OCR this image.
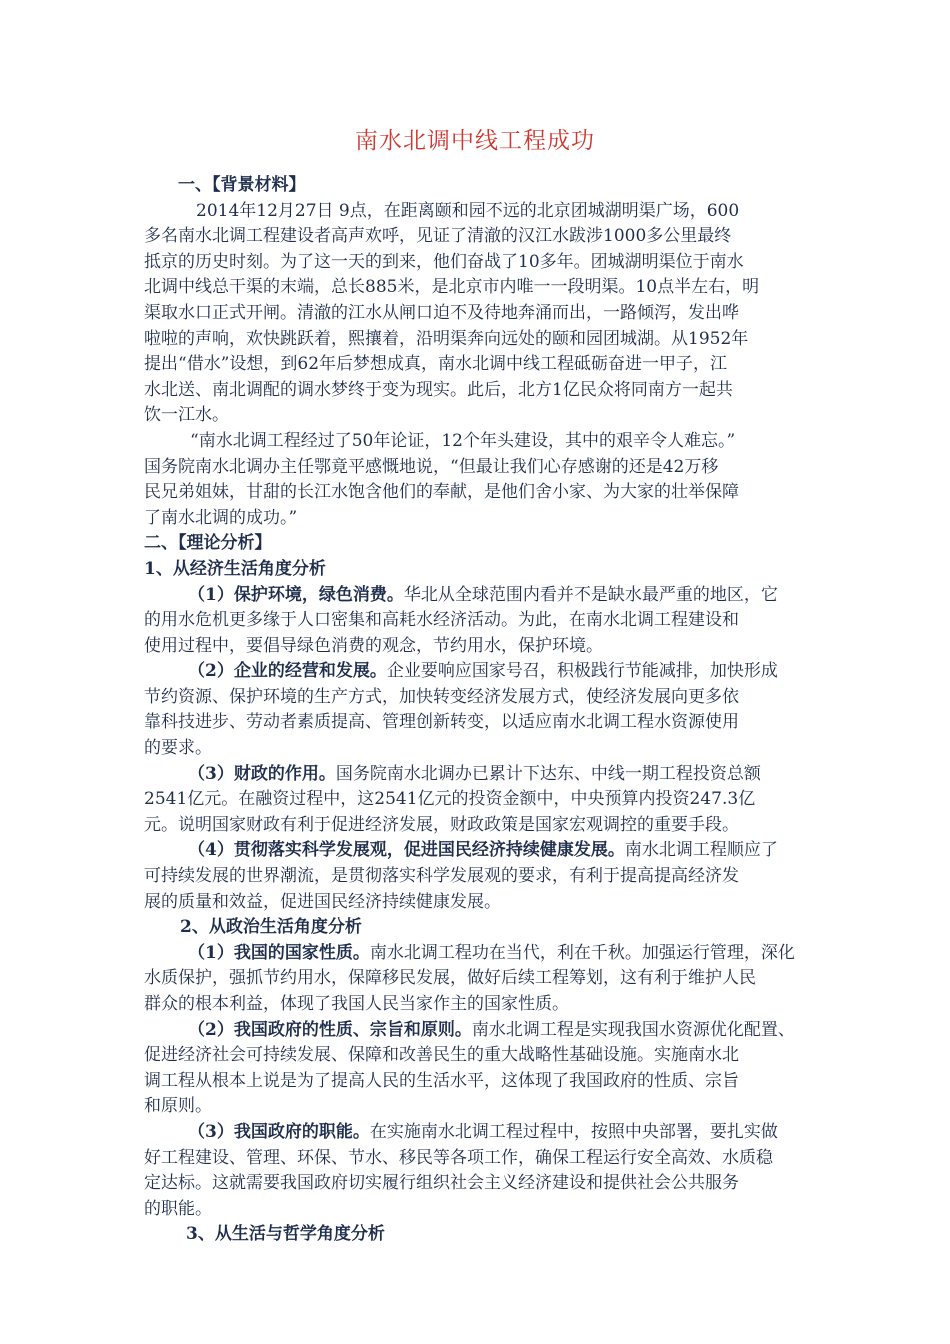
南水北调中线工程成功
一、【背景材料】
2014年12月27日 9点，在距离颐和园不远的北京团城湖明渠广场，600
多名南水北调工程建设者高声欢呼，见证了清澈的汉江水跋涉1000多公里最终
抵京的历史时刻。为了这一天的到来，他们奋战了10多年。团城湖明渠位于南水
北调中线总干渠的末端，总长885米，是北京市内唯一一段明渠。10点半左右，明
渠取水口正式开闸。清澈的江水从闸口迫不及待地奔涌而出，一路倾泻，发出哗
啦啦的声响，欢快跳跃着，熙攘着，沿明渠奔向远处的颐和园团城湖。从1952年
提出“借水”设想，到62年后梦想成真，南水北调中线工程砥砺奋进一甲子，江
水北送、南北调配的调水梦终于变为现实。此后，北方1亿民众将同南方一起共
饮一江水。
“南水北调工程经过了50年论证，12个年头建设，其中的艰辛令人难忘。”
国务院南水北调办主任鄂竟平感慨地说，“但最让我们心存感谢的还是42万移
民兄弟姐妹，甘甜的长江水饱含他们的奉献，是他们舍小家、为大家的壮举保障
了南水北调的成功。”
二、【理论分析】
1、从经济生活角度分析
（1）保护环境，绿色消费。华北从全球范围内看并不是缺水最严重的地区，它
的用水危机更多缘于人口密集和高耗水经济活动。为此，在南水北调工程建设和
使用过程中，要倡导绿色消费的观念，节约用水，保护环境。
（2）企业的经营和发展。企业要响应国家号召，积极践行节能减排，加快形成
节约资源、保护环境的生产方式，加快转变经济发展方式，使经济发展向更多依
靠科技进步、劳动者素质提高、管理创新转变，以适应南水北调工程水资源使用
的要求。
（3）财政的作用。国务院南水北调办已累计下达东、中线一期工程投资总额
2541亿元。在融资过程中，这2541亿元的投资金额中，中央预算内投资247.3亿
元。说明国家财政有利于促进经济发展，财政政策是国家宏观调控的重要手段。
（4）贯彻落实科学发展观，促进国民经济持续健康发展。南水北调工程顺应了
可持续发展的世界潮流，是贯彻落实科学发展观的要求，有利于提高提高经济发
展的质量和效益，促进国民经济持续健康发展。
2、从政治生活角度分析
（1）我国的国家性质。南水北调工程功在当代，利在千秋。加强运行管理，深化
水质保护，强抓节约用水，保障移民发展，做好后续工程筹划，这有利于维护人民
群众的根本利益，体现了我国人民当家作主的国家性质。
（2）我国政府的性质、宗旨和原则。南水北调工程是实现我国水资源优化配置、
促进经济社会可持续发展、保障和改善民生的重大战略性基础设施。实施南水北
调工程从根本上说是为了提高人民的生活水平，这体现了我国政府的性质、宗旨
和原则。
（3）我国政府的职能。在实施南水北调工程过程中，按照中央部署，要扎实做
好工程建设、管理、环保、节水、移民等各项工作，确保工程运行安全高效、水质稳
定达标。这就需要我国政府切实履行组织社会主义经济建设和提供社会公共服务
的职能。
3、从生活与哲学角度分析
